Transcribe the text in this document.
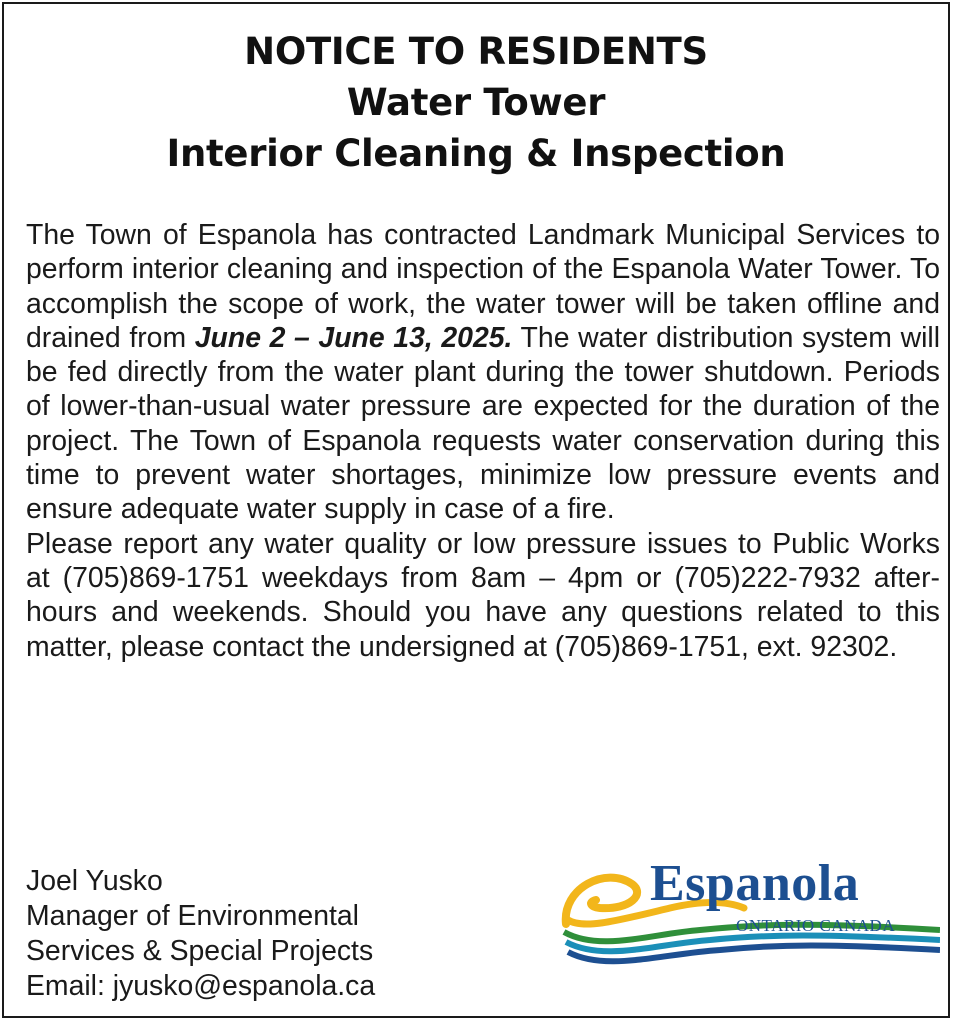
NOTICE TO RESIDENTS
Water Tower
Interior Cleaning & Inspection

The Town of Espanola has contracted Landmark Municipal Services to perform interior cleaning and inspection of the Espanola Water Tower. To accomplish the scope of work, the water tower will be taken offline and drained from June 2 – June 13, 2025. The water distribution system will be fed directly from the water plant during the tower shutdown. Periods of lower-than-usual water pressure are expected for the duration of the project. The Town of Espanola requests water conservation during this time to prevent water shortages, minimize low pressure events and ensure adequate water supply in case of a fire.

Please report any water quality or low pressure issues to Public Works at (705)869-1751 weekdays from 8am – 4pm or (705)222-7932 after-hours and weekends. Should you have any questions related to this matter, please contact the undersigned at (705)869-1751, ext. 92302.

Joel Yusko
Manager of Environmental
Services & Special Projects
Email: jyusko@espanola.ca
Espanola
ONTARIO CANADA
